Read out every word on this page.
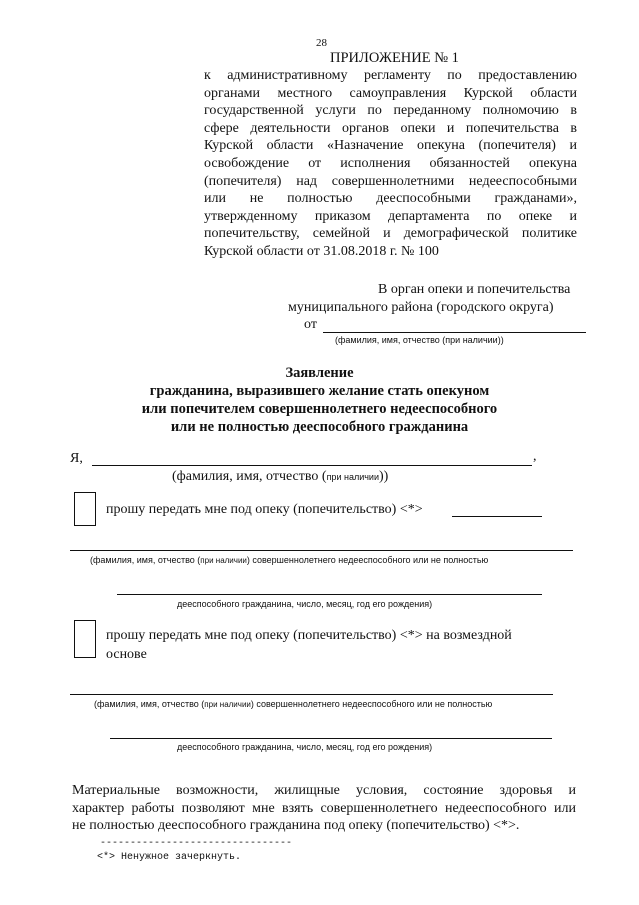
28
ПРИЛОЖЕНИЕ № 1
к административному регламенту по предоставлению
органами местного самоуправления Курской области
государственной услуги по переданному полномочию в
сфере деятельности органов опеки и попечительства в
Курской области «Назначение опекуна (попечителя) и
освобождение от исполнения обязанностей опекуна
(попечителя) над совершеннолетними недееспособными
или не полностью дееспособными гражданами»,
утвержденному приказом департамента по опеке и
попечительству, семейной и демографической политике
Курской области от 31.08.2018 г. № 100
В орган опеки и попечительства
муниципального района (городского округа)
от
(фамилия, имя, отчество (при наличии))
Заявление
гражданина, выразившего желание стать опекуном
или попечителем совершеннолетнего недееспособного
или не полностью дееспособного гражданина
Я,	,
(фамилия, имя, отчество (при наличии))
прошу передать мне под опеку (попечительство) <*>
(фамилия, имя, отчество (при наличии) совершеннолетнего недееспособного или не полностью
дееспособного гражданина, число, месяц, год его рождения)
прошу передать мне под опеку (попечительство) <*> на возмездной
основе
(фамилия, имя, отчество (при наличии) совершеннолетнего недееспособного или не полностью
дееспособного гражданина, число, месяц, год его рождения)
Материальные возможности, жилищные условия, состояние здоровья и
характер работы позволяют мне взять совершеннолетнего недееспособного или
не полностью дееспособного гражданина под опеку (попечительство) <*>.
--------------------------------
<*> Ненужное зачеркнуть.
